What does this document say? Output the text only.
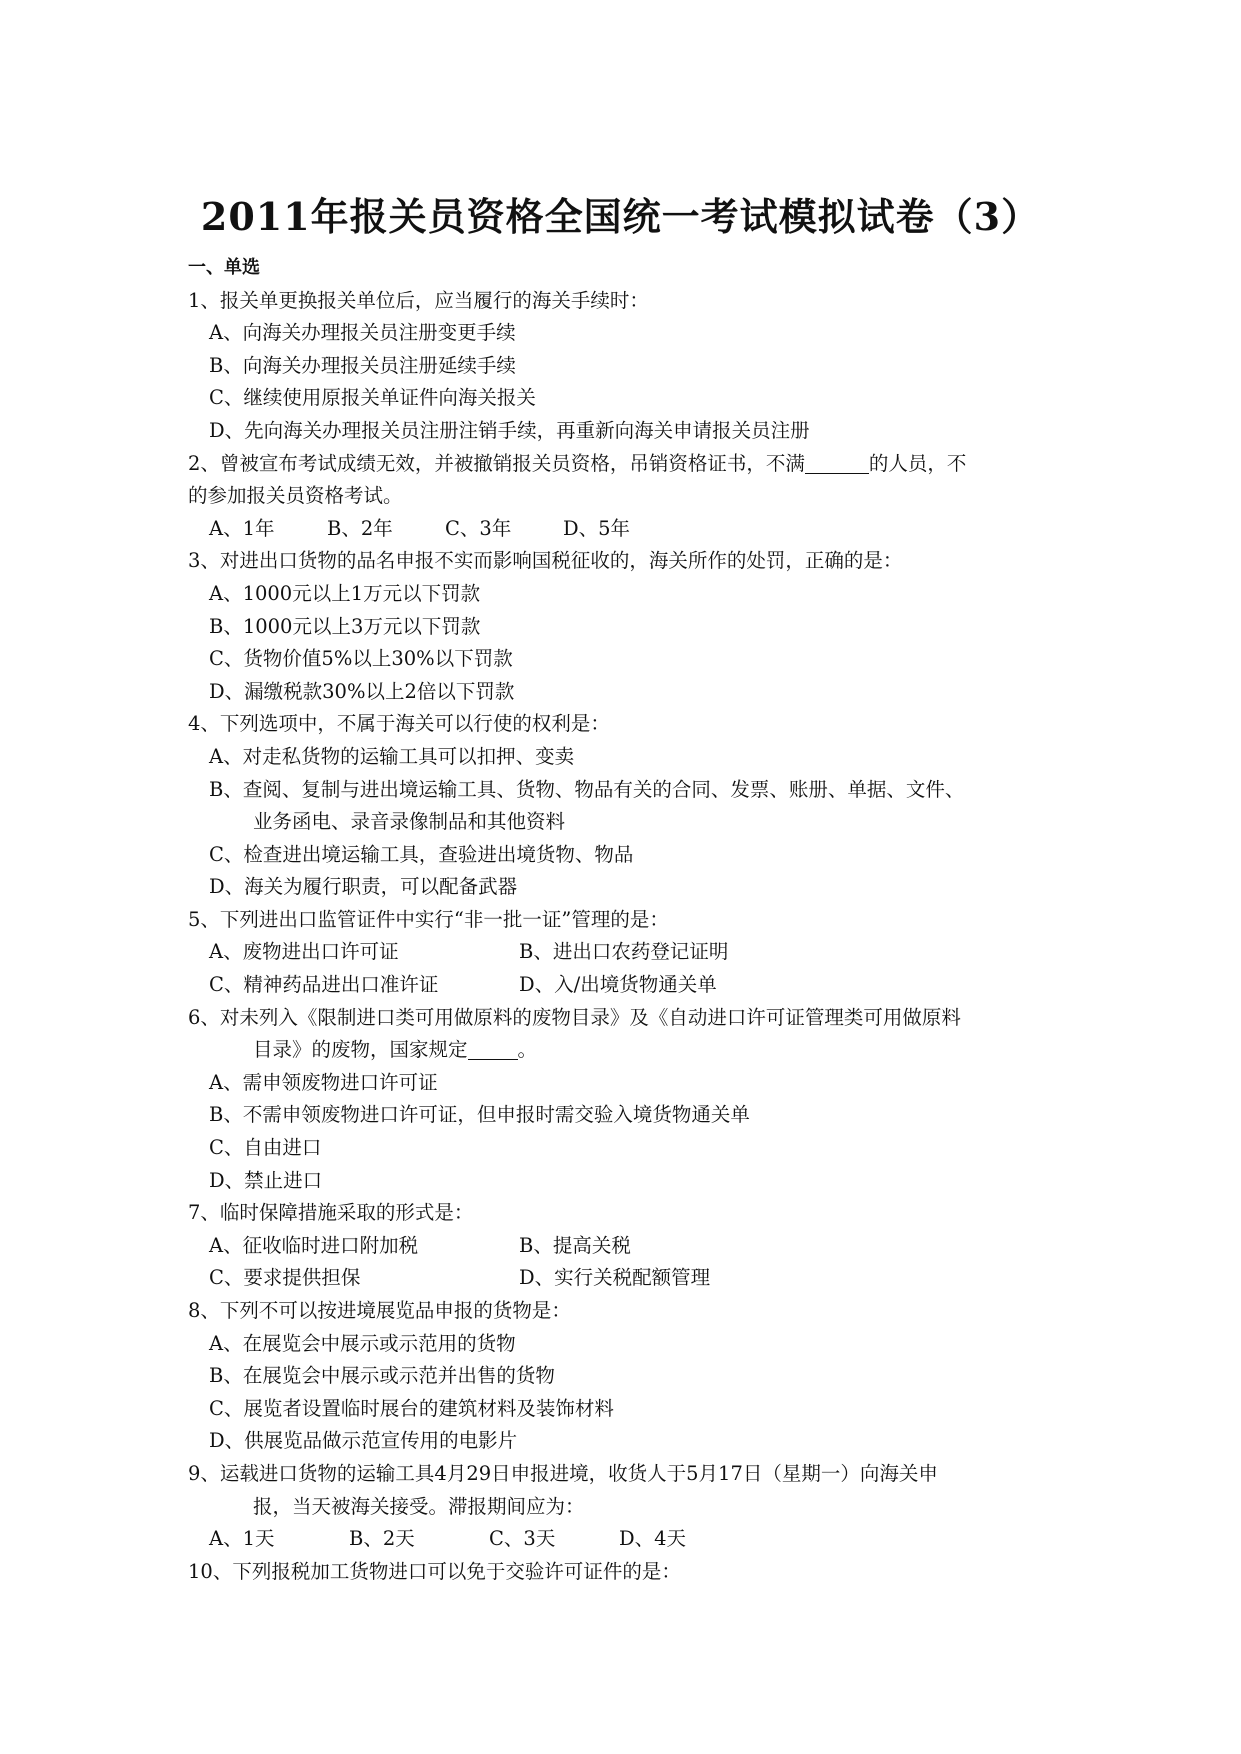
2011年报关员资格全国统一考试模拟试卷（3）
一、单选
1、报关单更换报关单位后，应当履行的海关手续时：
A、向海关办理报关员注册变更手续
B、向海关办理报关员注册延续手续
C、继续使用原报关单证件向海关报关
D、先向海关办理报关员注册注销手续，再重新向海关申请报关员注册
2、曾被宣布考试成绩无效，并被撤销报关员资格，吊销资格证书，不满	的人员，不
的参加报关员资格考试。
A、1年	B、2年	C、3年	D、5年
3、对进出口货物的品名申报不实而影响国税征收的，海关所作的处罚，正确的是：
A、1000元以上1万元以下罚款
B、1000元以上3万元以下罚款
C、货物价值5%以上30%以下罚款
D、漏缴税款30%以上2倍以下罚款
4、下列选项中，不属于海关可以行使的权利是：
A、对走私货物的运输工具可以扣押、变卖
B、查阅、复制与进出境运输工具、货物、物品有关的合同、发票、账册、单据、文件、
业务函电、录音录像制品和其他资料
C、检查进出境运输工具，查验进出境货物、物品
D、海关为履行职责，可以配备武器
5、下列进出口监管证件中实行“非一批一证”管理的是：
A、废物进出口许可证	B、进出口农药登记证明
C、精神药品进出口准许证	D、入/出境货物通关单
6、对未列入《限制进口类可用做原料的废物目录》及《自动进口许可证管理类可用做原料
目录》的废物，国家规定	。
A、需申领废物进口许可证
B、不需申领废物进口许可证，但申报时需交验入境货物通关单
C、自由进口
D、禁止进口
7、临时保障措施采取的形式是：
A、征收临时进口附加税	B、提高关税
C、要求提供担保	D、实行关税配额管理
8、下列不可以按进境展览品申报的货物是：
A、在展览会中展示或示范用的货物
B、在展览会中展示或示范并出售的货物
C、展览者设置临时展台的建筑材料及装饰材料
D、供展览品做示范宣传用的电影片
9、运载进口货物的运输工具4月29日申报进境，收货人于5月17日（星期一）向海关申
报，当天被海关接受。滞报期间应为：
A、1天	B、2天	C、3天	D、4天
10、下列报税加工货物进口可以免于交验许可证件的是：
